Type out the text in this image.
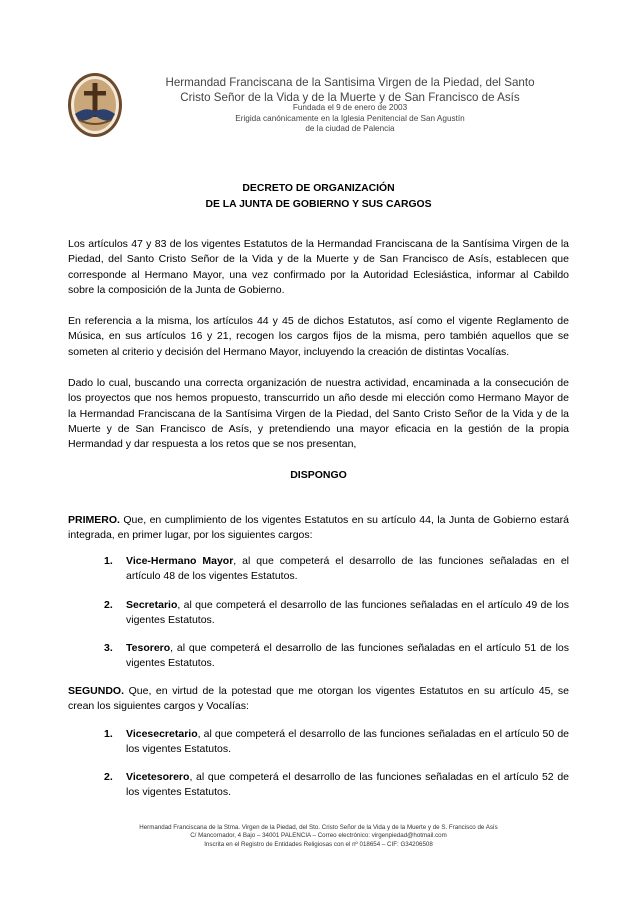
Hermandad Franciscana de la Santisima Virgen de la Piedad, del Santo
Cristo Señor de la Vida y de la Muerte y de San Francisco de Asís
Fundada el 9 de enero de 2003
Erigida canónicamente en la Iglesia Penitencial de San Agustín
de la ciudad de Palencia
DECRETO DE ORGANIZACIÓN
DE LA JUNTA DE GOBIERNO Y SUS CARGOS
Los artículos 47 y 83 de los vigentes Estatutos de la Hermandad Franciscana de la Santísima Virgen de la Piedad, del Santo Cristo Señor de la Vida y de la Muerte y de San Francisco de Asís, establecen que corresponde al Hermano Mayor, una vez confirmado por la Autoridad Eclesiástica, informar al Cabildo sobre la composición de la Junta de Gobierno.
En referencia a la misma, los artículos 44 y 45 de dichos Estatutos, así como el vigente Reglamento de Música, en sus artículos 16 y 21, recogen los cargos fijos de la misma, pero también aquellos que se someten al criterio y decisión del Hermano Mayor, incluyendo la creación de distintas Vocalías.
Dado lo cual, buscando una correcta organización de nuestra actividad, encaminada a la consecución de los proyectos que nos hemos propuesto, transcurrido un año desde mi elección como Hermano Mayor de la Hermandad Franciscana de la Santísima Virgen de la Piedad, del Santo Cristo Señor de la Vida y de la Muerte y de San Francisco de Asís, y pretendiendo una mayor eficacia en la gestión de la propia Hermandad y dar respuesta a los retos que se nos presentan,
DISPONGO
PRIMERO. Que, en cumplimiento de los vigentes Estatutos en su artículo 44, la Junta de Gobierno estará integrada, en primer lugar, por los siguientes cargos:
1. Vice-Hermano Mayor, al que competerá el desarrollo de las funciones señaladas en el artículo 48 de los vigentes Estatutos.
2. Secretario, al que competerá el desarrollo de las funciones señaladas en el artículo 49 de los vigentes Estatutos.
3. Tesorero, al que competerá el desarrollo de las funciones señaladas en el artículo 51 de los vigentes Estatutos.
SEGUNDO. Que, en virtud de la potestad que me otorgan los vigentes Estatutos en su artículo 45, se crean los siguientes cargos y Vocalías:
1. Vicesecretario, al que competerá el desarrollo de las funciones señaladas en el artículo 50 de los vigentes Estatutos.
2. Vicetesorero, al que competerá el desarrollo de las funciones señaladas en el artículo 52 de los vigentes Estatutos.
Hermandad Franciscana de la Stma. Virgen de la Piedad, del Sto. Cristo Señor de la Vida y de la Muerte y de S. Francisco de Asís
C/ Mancornador, 4 Bajo – 34001 PALENCIA – Correo electrónico: virgenpiedad@hotmail.com
Inscrita en el Registro de Entidades Religiosas con el nº 018654 – CIF: G34206508
